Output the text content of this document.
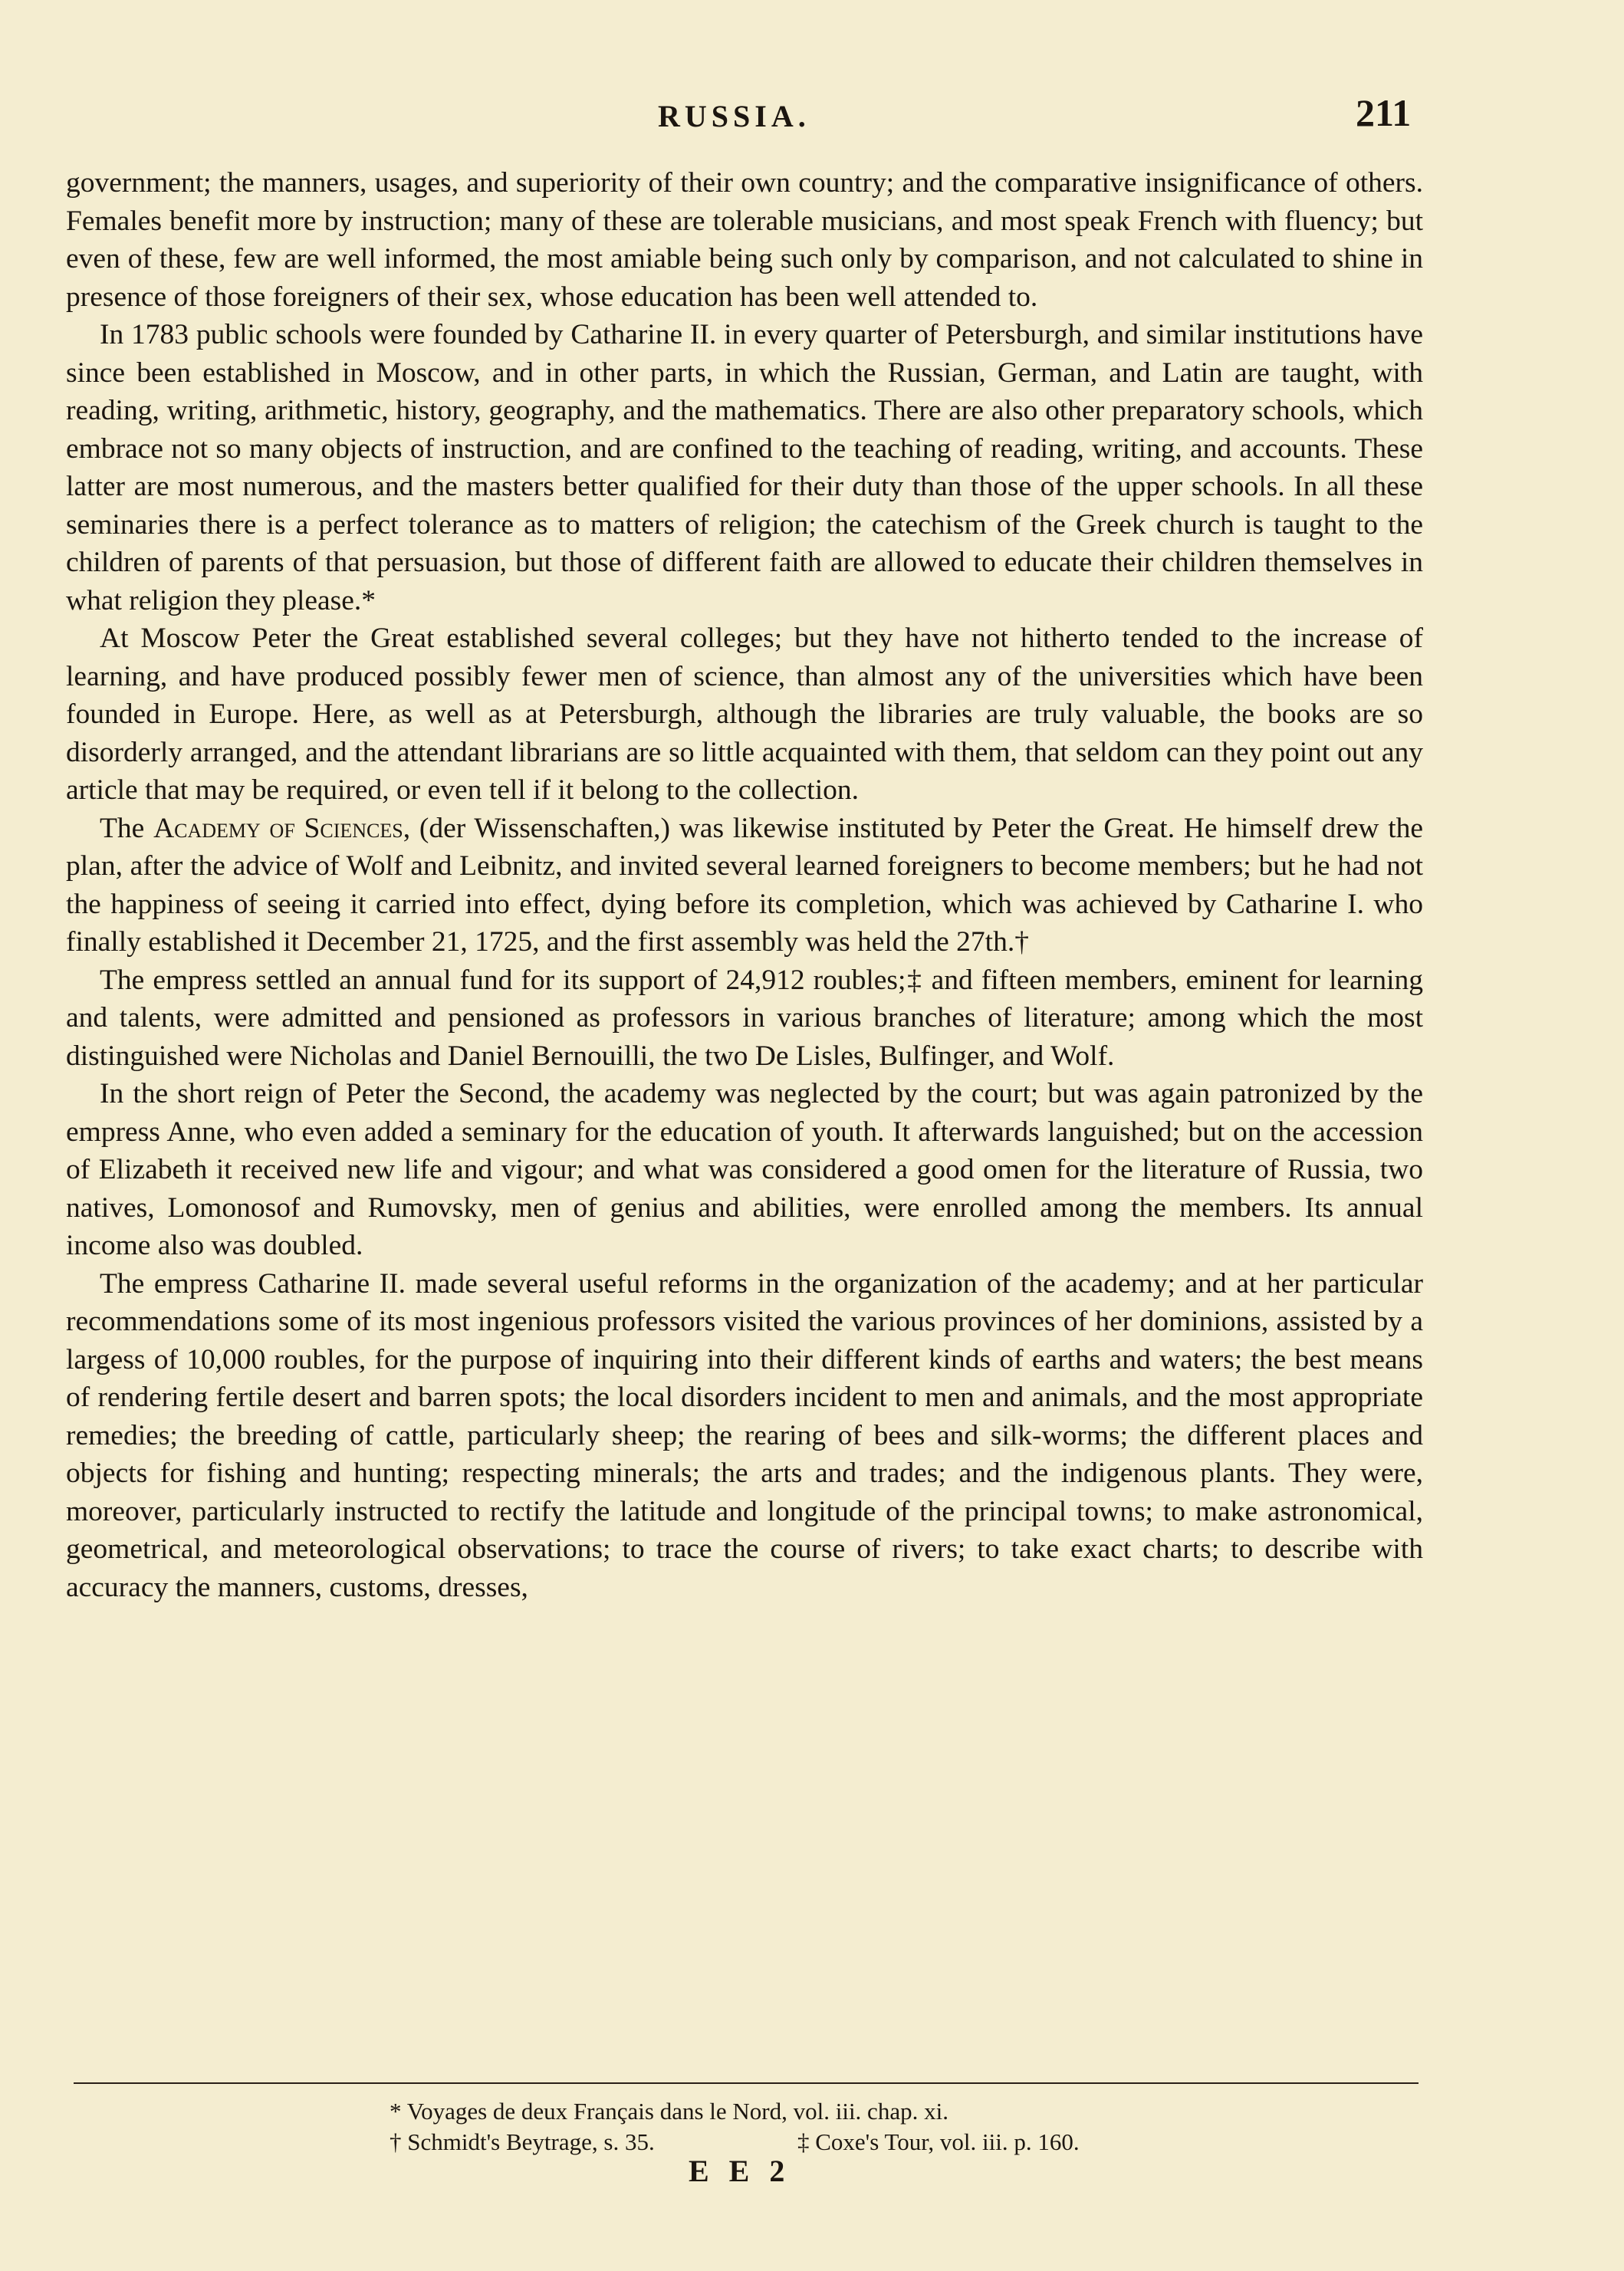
RUSSIA.	211

government; the manners, usages, and superiority of their own country; and the comparative insignificance of others. Females benefit more by instruction; many of these are tolerable musicians, and most speak French with fluency; but even of these, few are well informed, the most amiable being such only by comparison, and not calculated to shine in presence of those foreigners of their sex, whose education has been well attended to.

In 1783 public schools were founded by Catharine II. in every quarter of Petersburgh, and similar institutions have since been established in Moscow, and in other parts, in which the Russian, German, and Latin are taught, with reading, writing, arithmetic, history, geography, and the mathematics. There are also other preparatory schools, which embrace not so many objects of instruction, and are confined to the teaching of reading, writing, and accounts. These latter are most numerous, and the masters better qualified for their duty than those of the upper schools. In all these seminaries there is a perfect tolerance as to matters of religion; the catechism of the Greek church is taught to the children of parents of that persuasion, but those of different faith are allowed to educate their children themselves in what religion they please.*

At Moscow Peter the Great established several colleges; but they have not hitherto tended to the increase of learning, and have produced possibly fewer men of science, than almost any of the universities which have been founded in Europe. Here, as well as at Petersburgh, although the libraries are truly valuable, the books are so disorderly arranged, and the attendant librarians are so little acquainted with them, that seldom can they point out any article that may be required, or even tell if it belong to the collection.

The Academy of Sciences, (der Wissenschaften,) was likewise instituted by Peter the Great. He himself drew the plan, after the advice of Wolf and Leibnitz, and invited several learned foreigners to become members; but he had not the happiness of seeing it carried into effect, dying before its completion, which was achieved by Catharine I. who finally established it December 21, 1725, and the first assembly was held the 27th.†

The empress settled an annual fund for its support of 24,912 roubles;‡ and fifteen members, eminent for learning and talents, were admitted and pensioned as professors in various branches of literature; among which the most distinguished were Nicholas and Daniel Bernouilli, the two De Lisles, Bulfinger, and Wolf.

In the short reign of Peter the Second, the academy was neglected by the court; but was again patronized by the empress Anne, who even added a seminary for the education of youth. It afterwards languished; but on the accession of Elizabeth it received new life and vigour; and what was considered a good omen for the literature of Russia, two natives, Lomonosof and Rumovsky, men of genius and abilities, were enrolled among the members. Its annual income also was doubled.

The empress Catharine II. made several useful reforms in the organization of the academy; and at her particular recommendations some of its most ingenious professors visited the various provinces of her dominions, assisted by a largess of 10,000 roubles, for the purpose of inquiring into their different kinds of earths and waters; the best means of rendering fertile desert and barren spots; the local disorders incident to men and animals, and the most appropriate remedies; the breeding of cattle, particularly sheep; the rearing of bees and silk-worms; the different places and objects for fishing and hunting; respecting minerals; the arts and trades; and the indigenous plants. They were, moreover, particularly instructed to rectify the latitude and longitude of the principal towns; to make astronomical, geometrical, and meteorological observations; to trace the course of rivers; to take exact charts; to describe with accuracy the manners, customs, dresses,

* Voyages de deux Français dans le Nord, vol. iii. chap. xi.
† Schmidt's Beytrage, s. 35.	‡ Coxe's Tour, vol. iii. p. 160.
E E 2
